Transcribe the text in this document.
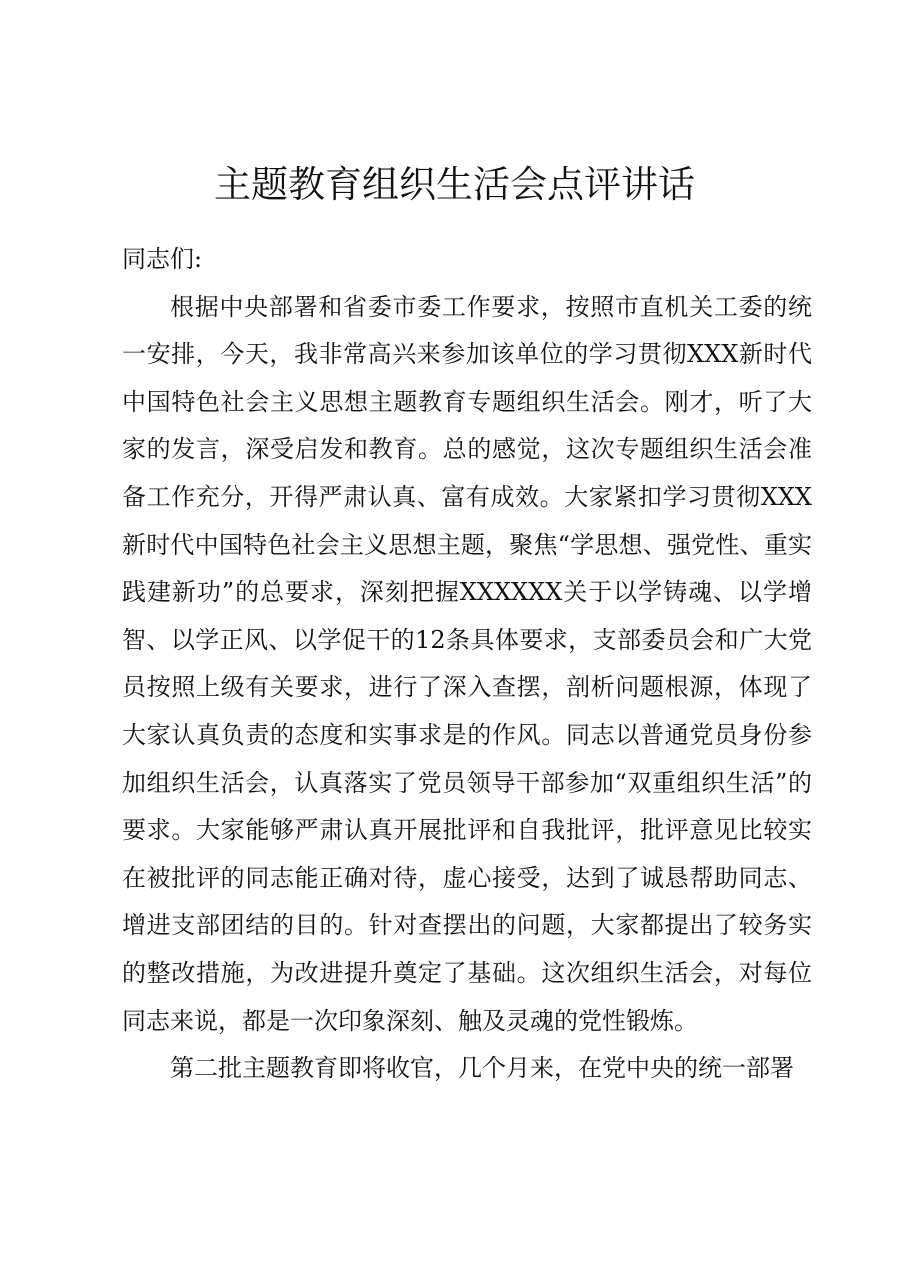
主题教育组织生活会点评讲话

同志们:

根据中央部署和省委市委工作要求，按照市直机关工委的统一安排，今天，我非常高兴来参加该单位的学习贯彻XXX新时代中国特色社会主义思想主题教育专题组织生活会。刚才，听了大家的发言，深受启发和教育。总的感觉，这次专题组织生活会准备工作充分，开得严肃认真、富有成效。大家紧扣学习贯彻XXX新时代中国特色社会主义思想主题，聚焦“学思想、强党性、重实践建新功”的总要求，深刻把握XXXXXX关于以学铸魂、以学增智、以学正风、以学促干的12条具体要求，支部委员会和广大党员按照上级有关要求，进行了深入查摆，剖析问题根源，体现了大家认真负责的态度和实事求是的作风。同志以普通党员身份参加组织生活会，认真落实了党员领导干部参加“双重组织生活”的要求。大家能够严肃认真开展批评和自我批评，批评意见比较实在被批评的同志能正确对待，虚心接受，达到了诚恳帮助同志、增进支部团结的目的。针对查摆出的问题，大家都提出了较务实的整改措施，为改进提升奠定了基础。这次组织生活会，对每位同志来说，都是一次印象深刻、触及灵魂的党性锻炼。

第二批主题教育即将收官，几个月来，在党中央的统一部署
